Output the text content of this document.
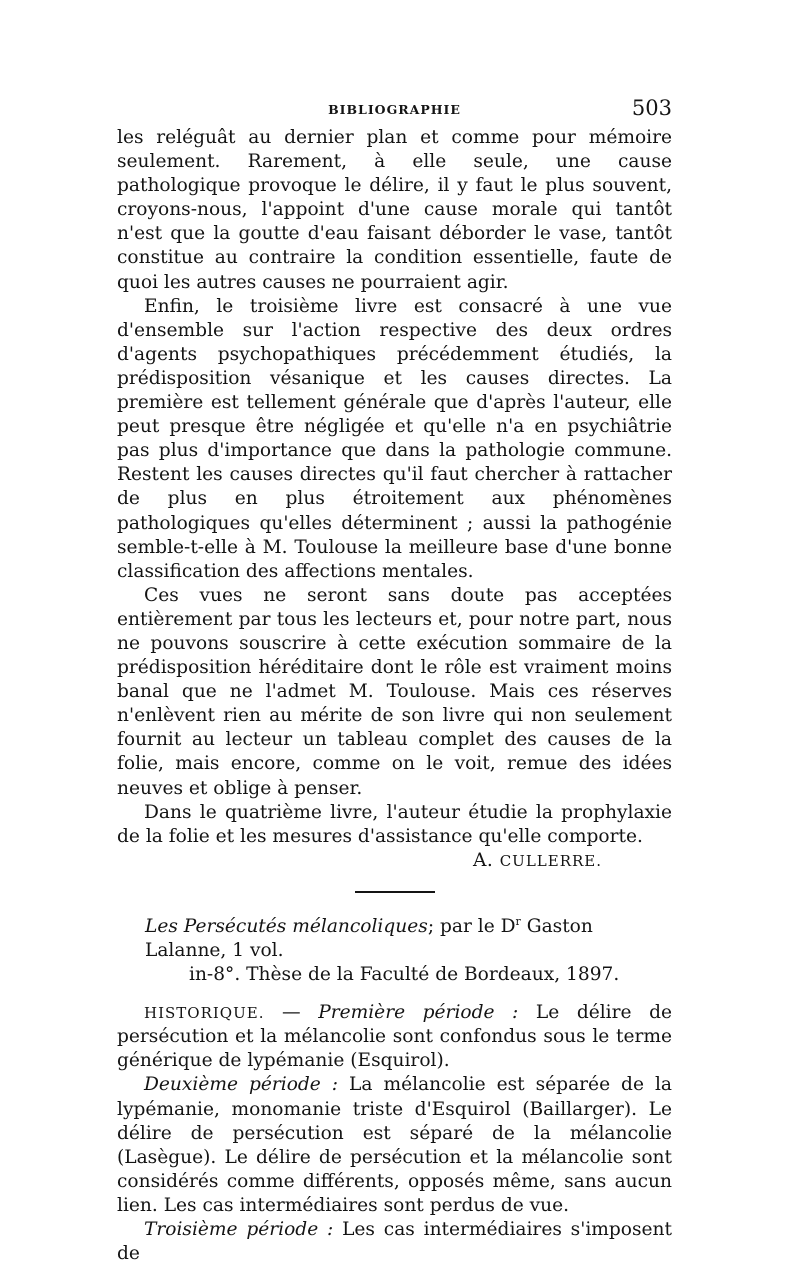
BIBLIOGRAPHIE	503

les reléguât au dernier plan et comme pour mémoire seulement. Rarement, à elle seule, une cause pathologique provoque le délire, il y faut le plus souvent, croyons-nous, l'appoint d'une cause morale qui tantôt n'est que la goutte d'eau faisant déborder le vase, tantôt constitue au contraire la condition essentielle, faute de quoi les autres causes ne pourraient agir.

Enfin, le troisième livre est consacré à une vue d'ensemble sur l'action respective des deux ordres d'agents psychopathiques précédemment étudiés, la prédisposition vésanique et les causes directes. La première est tellement générale que d'après l'auteur, elle peut presque être négligée et qu'elle n'a en psychiâtrie pas plus d'importance que dans la pathologie commune. Restent les causes directes qu'il faut chercher à rattacher de plus en plus étroitement aux phénomènes pathologiques qu'elles déterminent ; aussi la pathogénie semble-t-elle à M. Toulouse la meilleure base d'une bonne classification des affections mentales.

Ces vues ne seront sans doute pas acceptées entièrement par tous les lecteurs et, pour notre part, nous ne pouvons souscrire à cette exécution sommaire de la prédisposition héréditaire dont le rôle est vraiment moins banal que ne l'admet M. Toulouse. Mais ces réserves n'enlèvent rien au mérite de son livre qui non seulement fournit au lecteur un tableau complet des causes de la folie, mais encore, comme on le voit, remue des idées neuves et oblige à penser.

Dans le quatrième livre, l'auteur étudie la prophylaxie de la folie et les mesures d'assistance qu'elle comporte.

A. CULLERRE.
Les Persécutés mélancoliques; par le $D^r$ Gaston Lalanne, 1 vol.
in-8°. Thèse de la Faculté de Bordeaux, 1897.

HISTORIQUE. — Première période : Le délire de persécution et la mélancolie sont confondus sous le terme générique de lypémanie (Esquirol).

Deuxième période : La mélancolie est séparée de la lypémanie, monomanie triste d'Esquirol (Baillarger). Le délire de persécution est séparé de la mélancolie (Lasègue). Le délire de persécution et la mélancolie sont considérés comme différents, opposés même, sans aucun lien. Les cas intermédiaires sont perdus de vue.

Troisième période : Les cas intermédiaires s'imposent de
